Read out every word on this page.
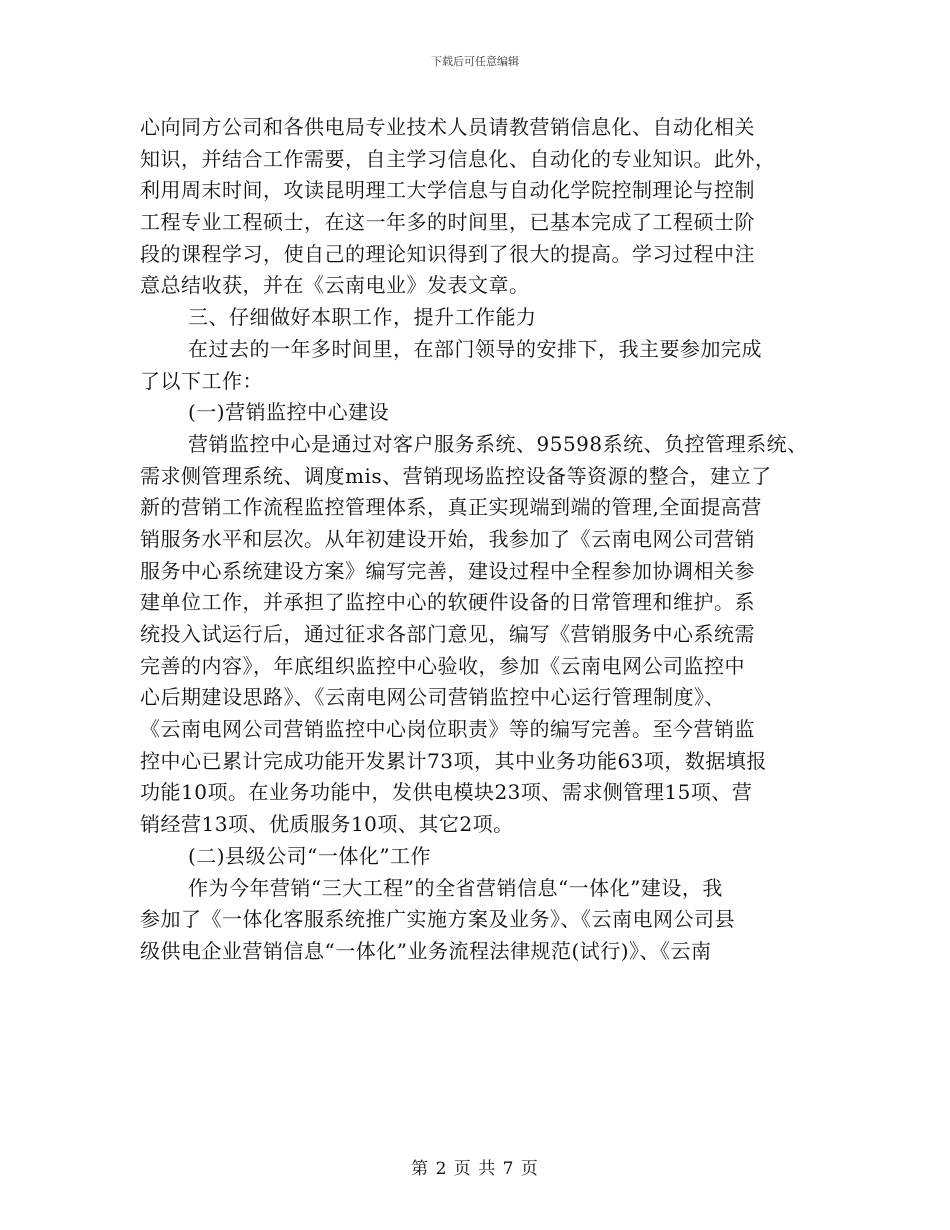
下载后可任意编辑
心向同方公司和各供电局专业技术人员请教营销信息化、自动化相关
知识，并结合工作需要，自主学习信息化、自动化的专业知识。此外，
利用周末时间，攻读昆明理工大学信息与自动化学院控制理论与控制
工程专业工程硕士，在这一年多的时间里，已基本完成了工程硕士阶
段的课程学习，使自己的理论知识得到了很大的提高。学习过程中注
意总结收获，并在《云南电业》发表文章。
三、仔细做好本职工作，提升工作能力
在过去的一年多时间里，在部门领导的安排下，我主要参加完成
了以下工作：
(一)营销监控中心建设
营销监控中心是通过对客户服务系统、95598系统、负控管理系统、
需求侧管理系统、调度mis、营销现场监控设备等资源的整合，建立了
新的营销工作流程监控管理体系，真正实现端到端的管理,全面提高营
销服务水平和层次。从年初建设开始，我参加了《云南电网公司营销
服务中心系统建设方案》编写完善，建设过程中全程参加协调相关参
建单位工作，并承担了监控中心的软硬件设备的日常管理和维护。系
统投入试运行后，通过征求各部门意见，编写《营销服务中心系统需
完善的内容》，年底组织监控中心验收，参加《云南电网公司监控中
心后期建设思路》、《云南电网公司营销监控中心运行管理制度》、
《云南电网公司营销监控中心岗位职责》等的编写完善。至今营销监
控中心已累计完成功能开发累计73项，其中业务功能63项，数据填报
功能10项。在业务功能中，发供电模块23项、需求侧管理15项、营
销经营13项、优质服务10项、其它2项。
(二)县级公司“一体化”工作
作为今年营销“三大工程”的全省营销信息“一体化”建设，我
参加了《一体化客服系统推广实施方案及业务》、《云南电网公司县
级供电企业营销信息“一体化”业务流程法律规范(试行)》、《云南
第 2 页 共 7 页
